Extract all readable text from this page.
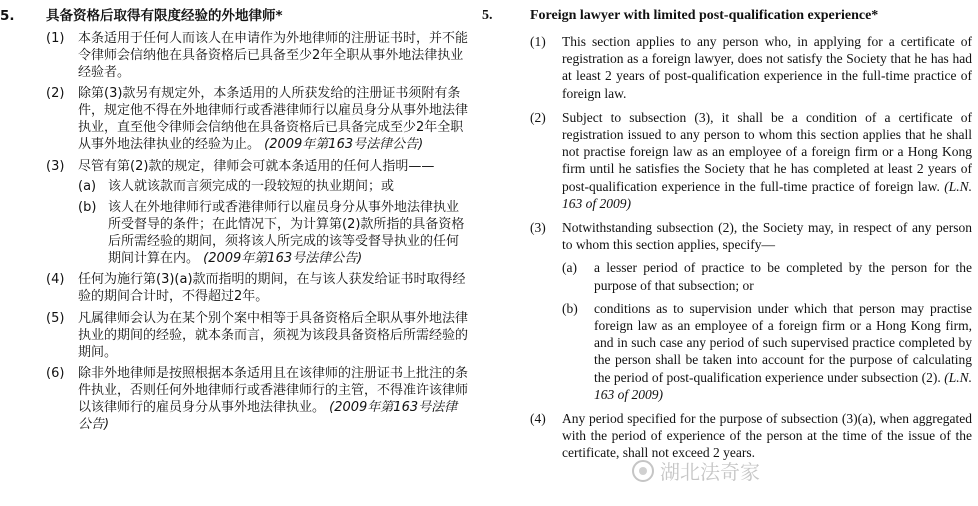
5.	具备资格后取得有限度经验的外地律师*
(1)	本条适用于任何人而该人在申请作为外地律师的注册证书时，并不能令律师会信纳他在具备资格后已具备至少2年全职从事外地法律执业经验者。
(2)	除第(3)款另有规定外，本条适用的人所获发给的注册证书须附有条件，规定他不得在外地律师行或香港律师行以雇员身分从事外地法律执业，直至他令律师会信纳他在具备资格后已具备完成至少2年全职从事外地法律执业的经验为止。 (2009年第163号法律公告)
(3)	尽管有第(2)款的规定，律师会可就本条适用的任何人指明——
(a) 该人就该款而言须完成的一段较短的执业期间；或
(b) 该人在外地律师行或香港律师行以雇员身分从事外地法律执业所受督导的条件；在此情况下，为计算第(2)款所指的具备资格后所需经验的期间，须将该人所完成的该等受督导执业的任何期间计算在内。 (2009年第163号法律公告)
(4)	任何为施行第(3)(a)款而指明的期间，在与该人获发给证书时取得经验的期间合计时，不得超过2年。
(5)	凡属律师会认为在某个别个案中相等于具备资格后全职从事外地法律执业的期间的经验，就本条而言，须视为该段具备资格后所需经验的期间。
(6)	除非外地律师是按照根据本条适用且在该律师的注册证书上批注的条件执业，否则任何外地律师行或香港律师行的主管，不得准许该律师以该律师行的雇员身分从事外地法律执业。 (2009年第163号法律公告)
5.	Foreign lawyer with limited post-qualification experience*
(1)	This section applies to any person who, in applying for a certificate of registration as a foreign lawyer, does not satisfy the Society that he has had at least 2 years of post-qualification experience in the full-time practice of foreign law.
(2)	Subject to subsection (3), it shall be a condition of a certificate of registration issued to any person to whom this section applies that he shall not practise foreign law as an employee of a foreign firm or a Hong Kong firm until he satisfies the Society that he has completed at least 2 years of post-qualification experience in the full-time practice of foreign law. (L.N. 163 of 2009)
(3)	Notwithstanding subsection (2), the Society may, in respect of any person to whom this section applies, specify—
(a)	a lesser period of practice to be completed by the person for the purpose of that subsection; or
(b)	conditions as to supervision under which that person may practise foreign law as an employee of a foreign firm or a Hong Kong firm, and in such case any period of such supervised practice completed by the person shall be taken into account for the purpose of calculating the period of post-qualification experience under subsection (2). (L.N. 163 of 2009)
(4)	Any period specified for the purpose of subsection (3)(a), when aggregated with the period of experience of the person at the time of the issue of the certificate, shall not exceed 2 years.
湖北法奇家
